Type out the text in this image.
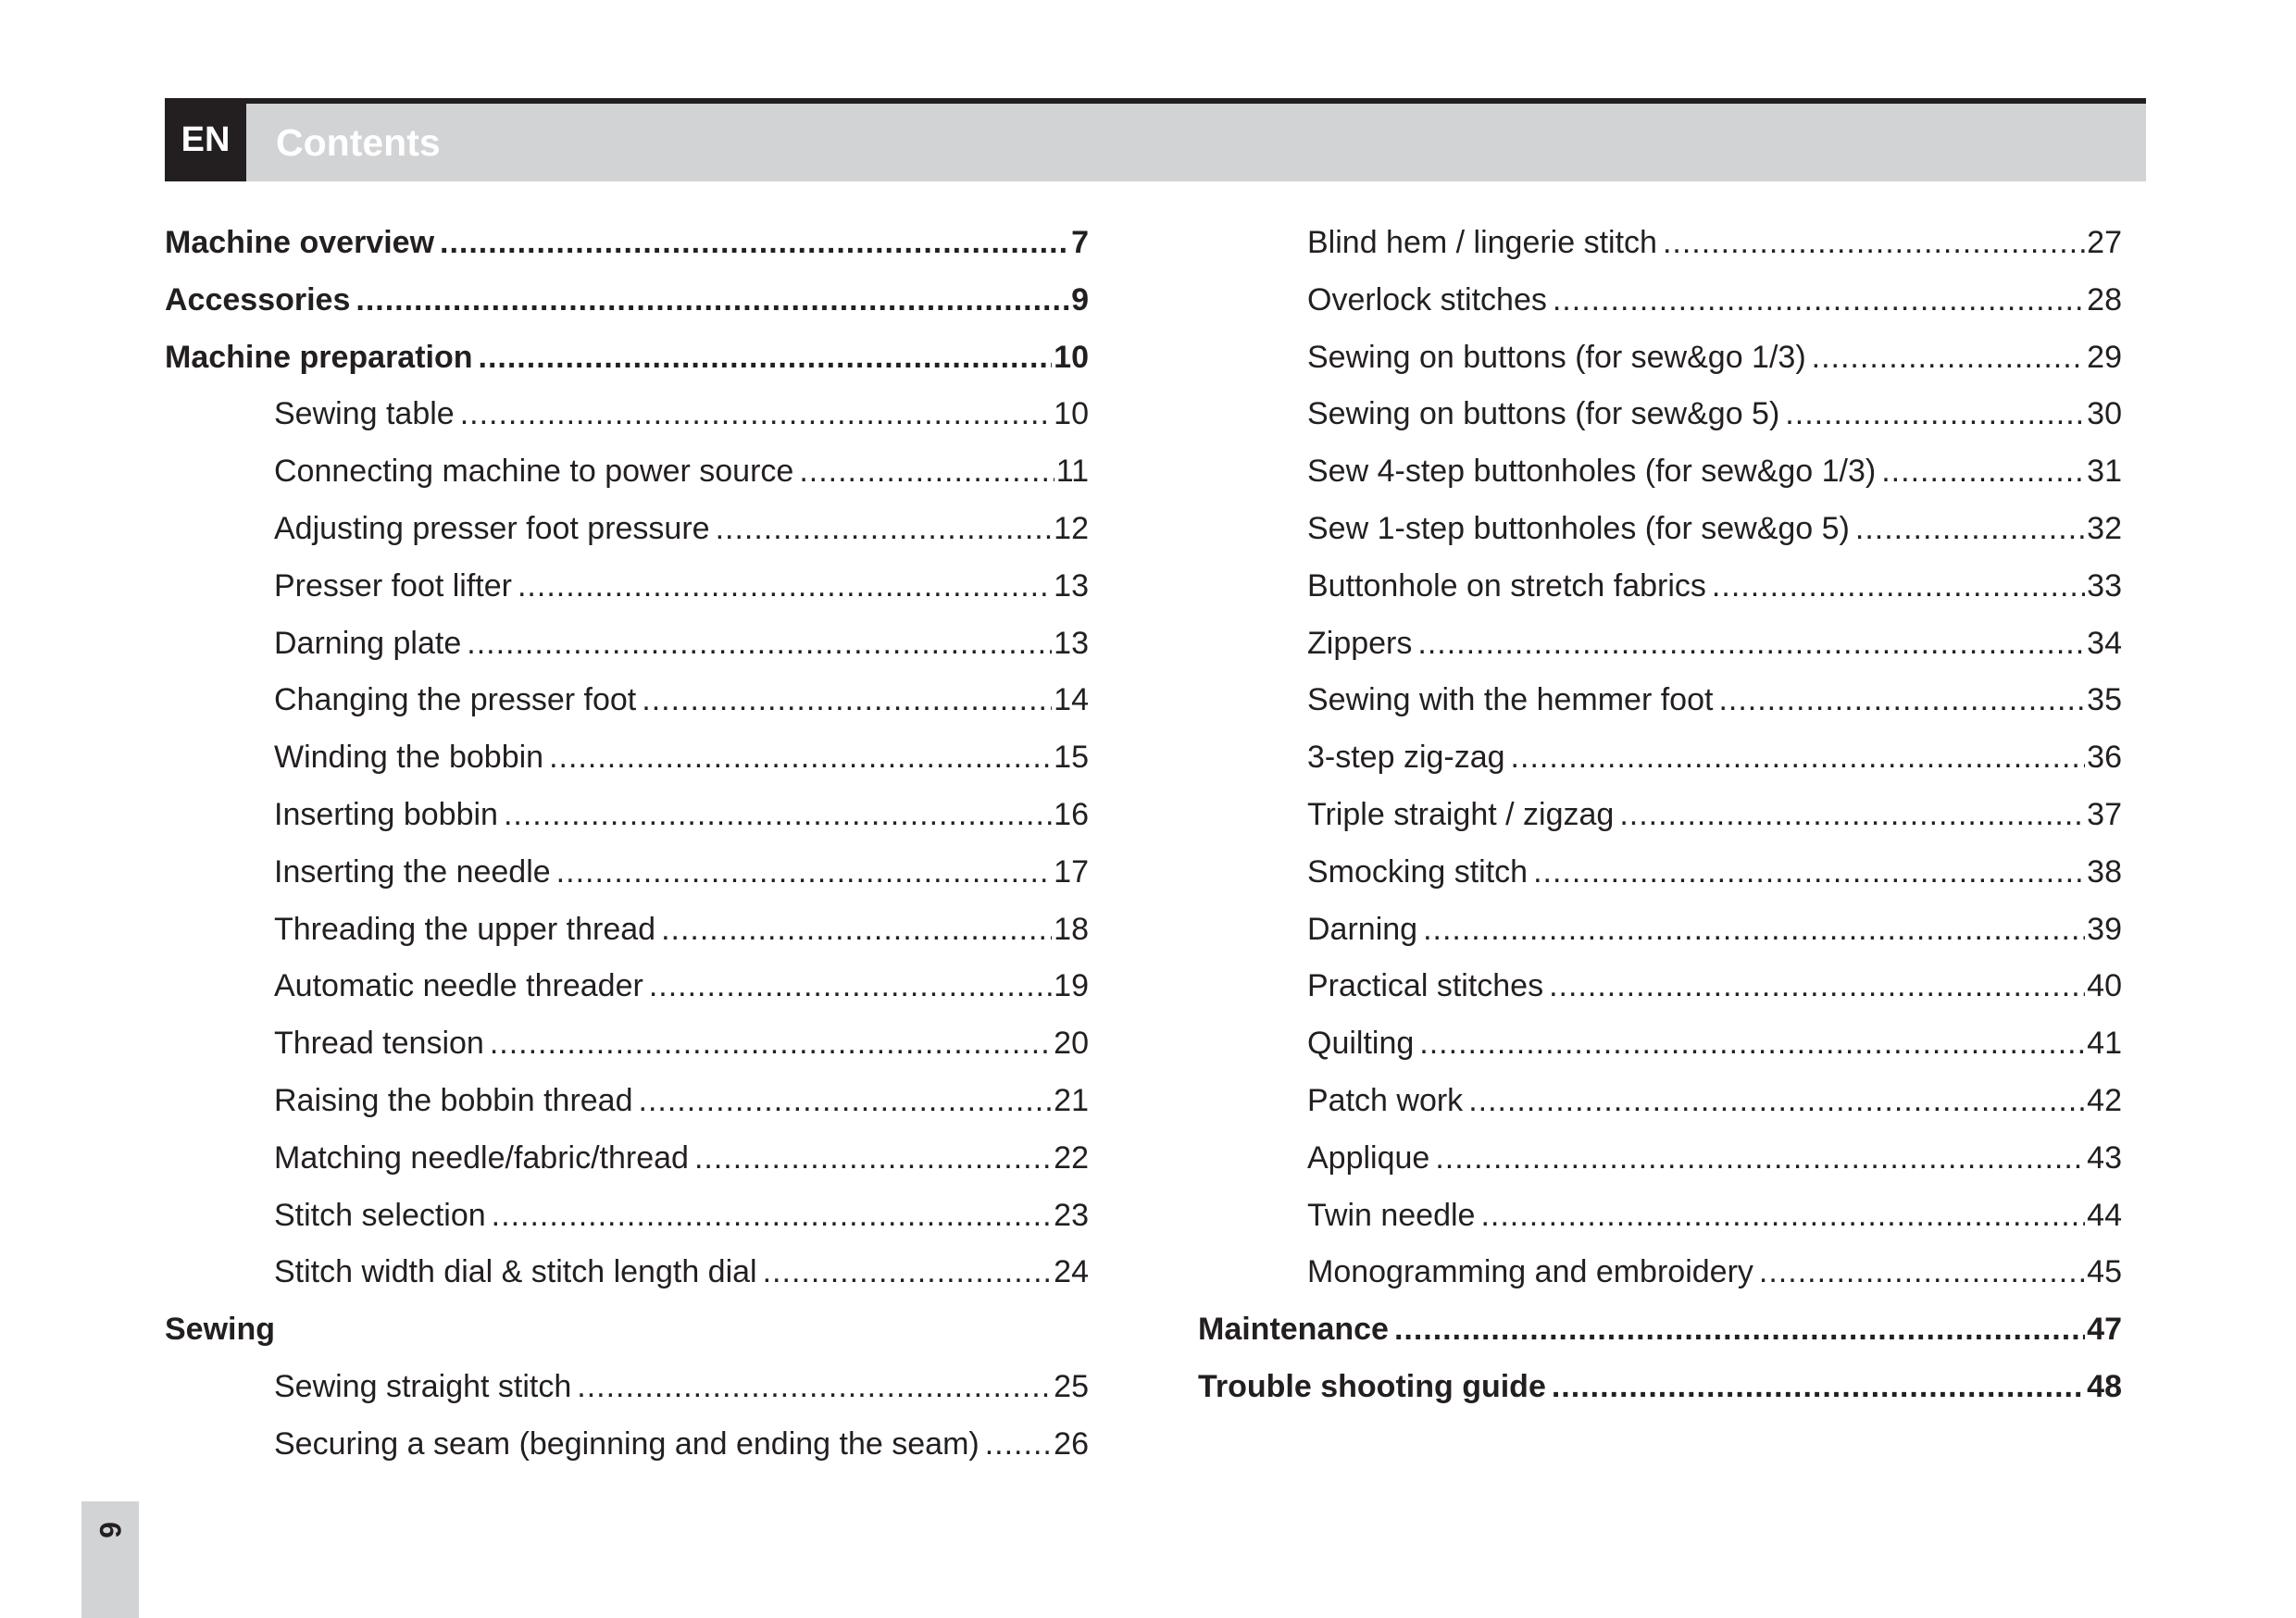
EN	Contents
Machine overview .....	7
Accessories .....	9
Machine preparation .....	10
Sewing table .....	10
Connecting machine to power source .....	11
Adjusting presser foot pressure .....	12
Presser foot lifter .....	13
Darning plate .....	13
Changing the presser foot .....	14
Winding the bobbin .....	15
Inserting bobbin .....	16
Inserting the needle .....	17
Threading the upper thread .....	18
Automatic needle threader .....	19
Thread tension .....	20
Raising the bobbin thread .....	21
Matching needle/fabric/thread .....	22
Stitch selection .....	23
Stitch width dial & stitch length dial .....	24
Sewing
Sewing straight stitch .....	25
Securing a seam (beginning and ending the seam) ..... 26
Blind hem / lingerie stitch .....	27
Overlock stitches .....	28
Sewing on buttons (for sew&go 1/3) .....	29
Sewing on buttons (for sew&go 5) .....	30
Sew 4-step buttonholes (for sew&go 1/3) .....	31
Sew 1-step buttonholes (for sew&go 5) .....	32
Buttonhole on stretch fabrics .....	33
Zippers .....	34
Sewing with the hemmer foot .....	35
3-step zig-zag .....	36
Triple straight / zigzag .....	37
Smocking stitch .....	38
Darning .....	39
Practical stitches .....	40
Quilting .....	41
Patch work .....	42
Applique .....	43
Twin needle .....	44
Monogramming and embroidery .....	45
Maintenance .....	47
Trouble shooting guide .....	48
6
